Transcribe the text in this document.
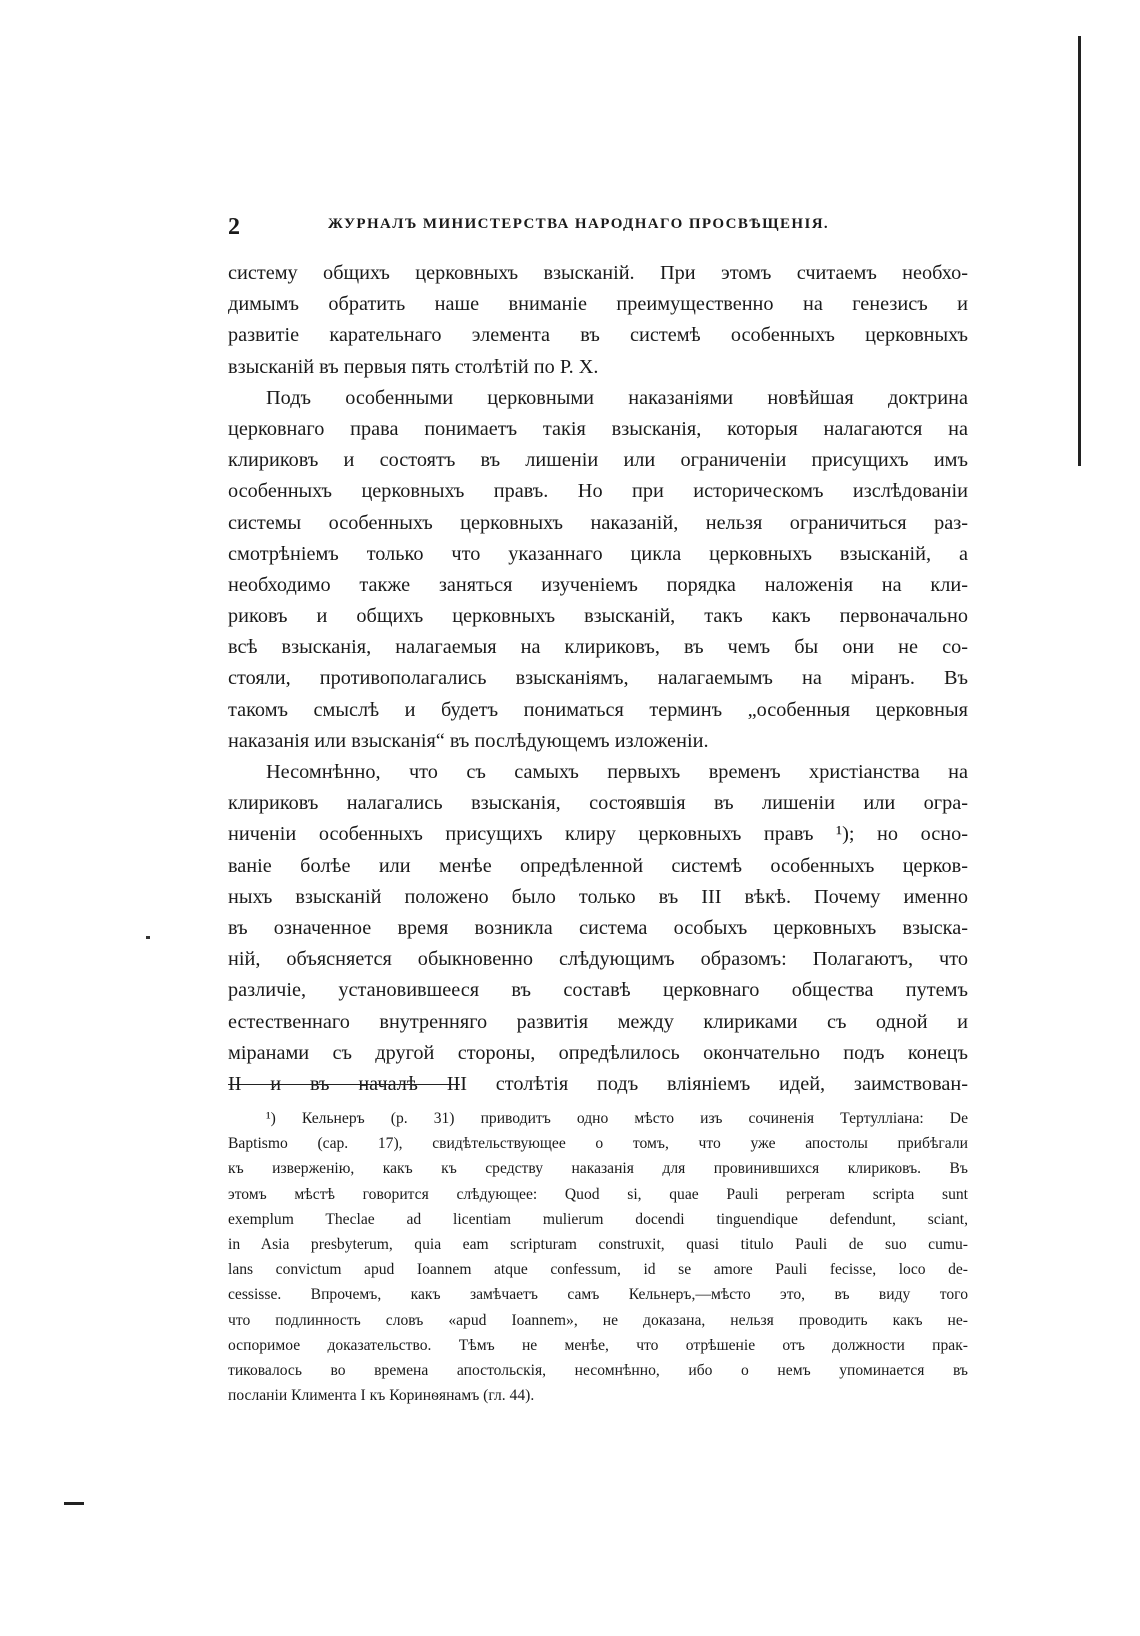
2	ЖУРНАЛЪ МИНИСТЕРСТВА НАРОДНАГО ПРОСВѢЩЕНІЯ.
систему общихъ церковныхъ взысканій. При этомъ считаемъ необхо-
димымъ обратить наше вниманіе преимущественно на генезисъ и
развитіе карательнаго элемента въ системѣ особенныхъ церковныхъ
взысканій въ первыя пять столѣтій по Р. Х.
Подъ особенными церковными наказаніями новѣйшая доктрина
церковнаго права понимаетъ такія взысканія, которыя налагаются на
клириковъ и состоятъ въ лишеніи или ограниченіи присущихъ имъ
особенныхъ церковныхъ правъ. Но при историческомъ изслѣдованіи
системы особенныхъ церковныхъ наказаній, нельзя ограничиться раз-
смотрѣніемъ только что указаннаго цикла церковныхъ взысканій, а
необходимо также заняться изученіемъ порядка наложенія на кли-
риковъ и общихъ церковныхъ взысканій, такъ какъ первоначально
всѣ взысканія, налагаемыя на клириковъ, въ чемъ бы они не со-
стояли, противополагались взысканіямъ, налагаемымъ на міранъ. Въ
такомъ смыслѣ и будетъ пониматься терминъ „особенныя церковныя
наказанія или взысканія“ въ послѣдующемъ изложеніи.
Несомнѣнно, что съ самыхъ первыхъ временъ христіанства на
клириковъ налагались взысканія, состоявшія въ лишеніи или огра-
ниченіи особенныхъ присущихъ клиру церковныхъ правъ ¹); но осно-
ваніе болѣе или менѣе опредѣленной системѣ особенныхъ церков-
ныхъ взысканій положено было только въ III вѣкѣ. Почему именно
въ означенное время возникла система особыхъ церковныхъ взыска-
ній, объясняется обыкновенно слѣдующимъ образомъ: Полагаютъ, что
различіе, установившееся въ составѣ церковнаго общества путемъ
естественнаго внутренняго развитія между клириками съ одной и
міранами съ другой стороны, опредѣлилось окончательно подъ конецъ
II и въ началѣ III столѣтія подъ вліяніемъ идей, заимствован-
¹) Кельнеръ (p. 31) приводитъ одно мѣсто изъ сочиненія Тертулліана: De
Baptismo (cap. 17), свидѣтельствующее о томъ, что уже апостолы прибѣгали
къ изверженію, какъ къ средству наказанія для провинившихся клириковъ. Въ
этомъ мѣстѣ говорится слѣдующее: Quod si, quae Pauli perperam scripta sunt
exemplum Theclae ad licentiam mulierum docendi tinguendique defendunt, sciant,
in Asia presbyterum, quia eam scripturam construxit, quasi titulo Pauli de suo cumu-
lans convictum apud Ioannem atque confessum, id se amore Pauli fecisse, loco de-
cessisse. Впрочемъ, какъ замѣчаетъ самъ Кельнеръ,—мѣсто это, въ виду того
что подлинность словъ «apud Ioannem», не доказана, нельзя проводить какъ не-
оспоримое доказательство. Тѣмъ не менѣе, что отрѣшеніе отъ должности прак-
тиковалось во времена апостольскія, несомнѣнно, ибо о немъ упоминается въ
посланіи Климента I къ Коринѳянамъ (гл. 44).
